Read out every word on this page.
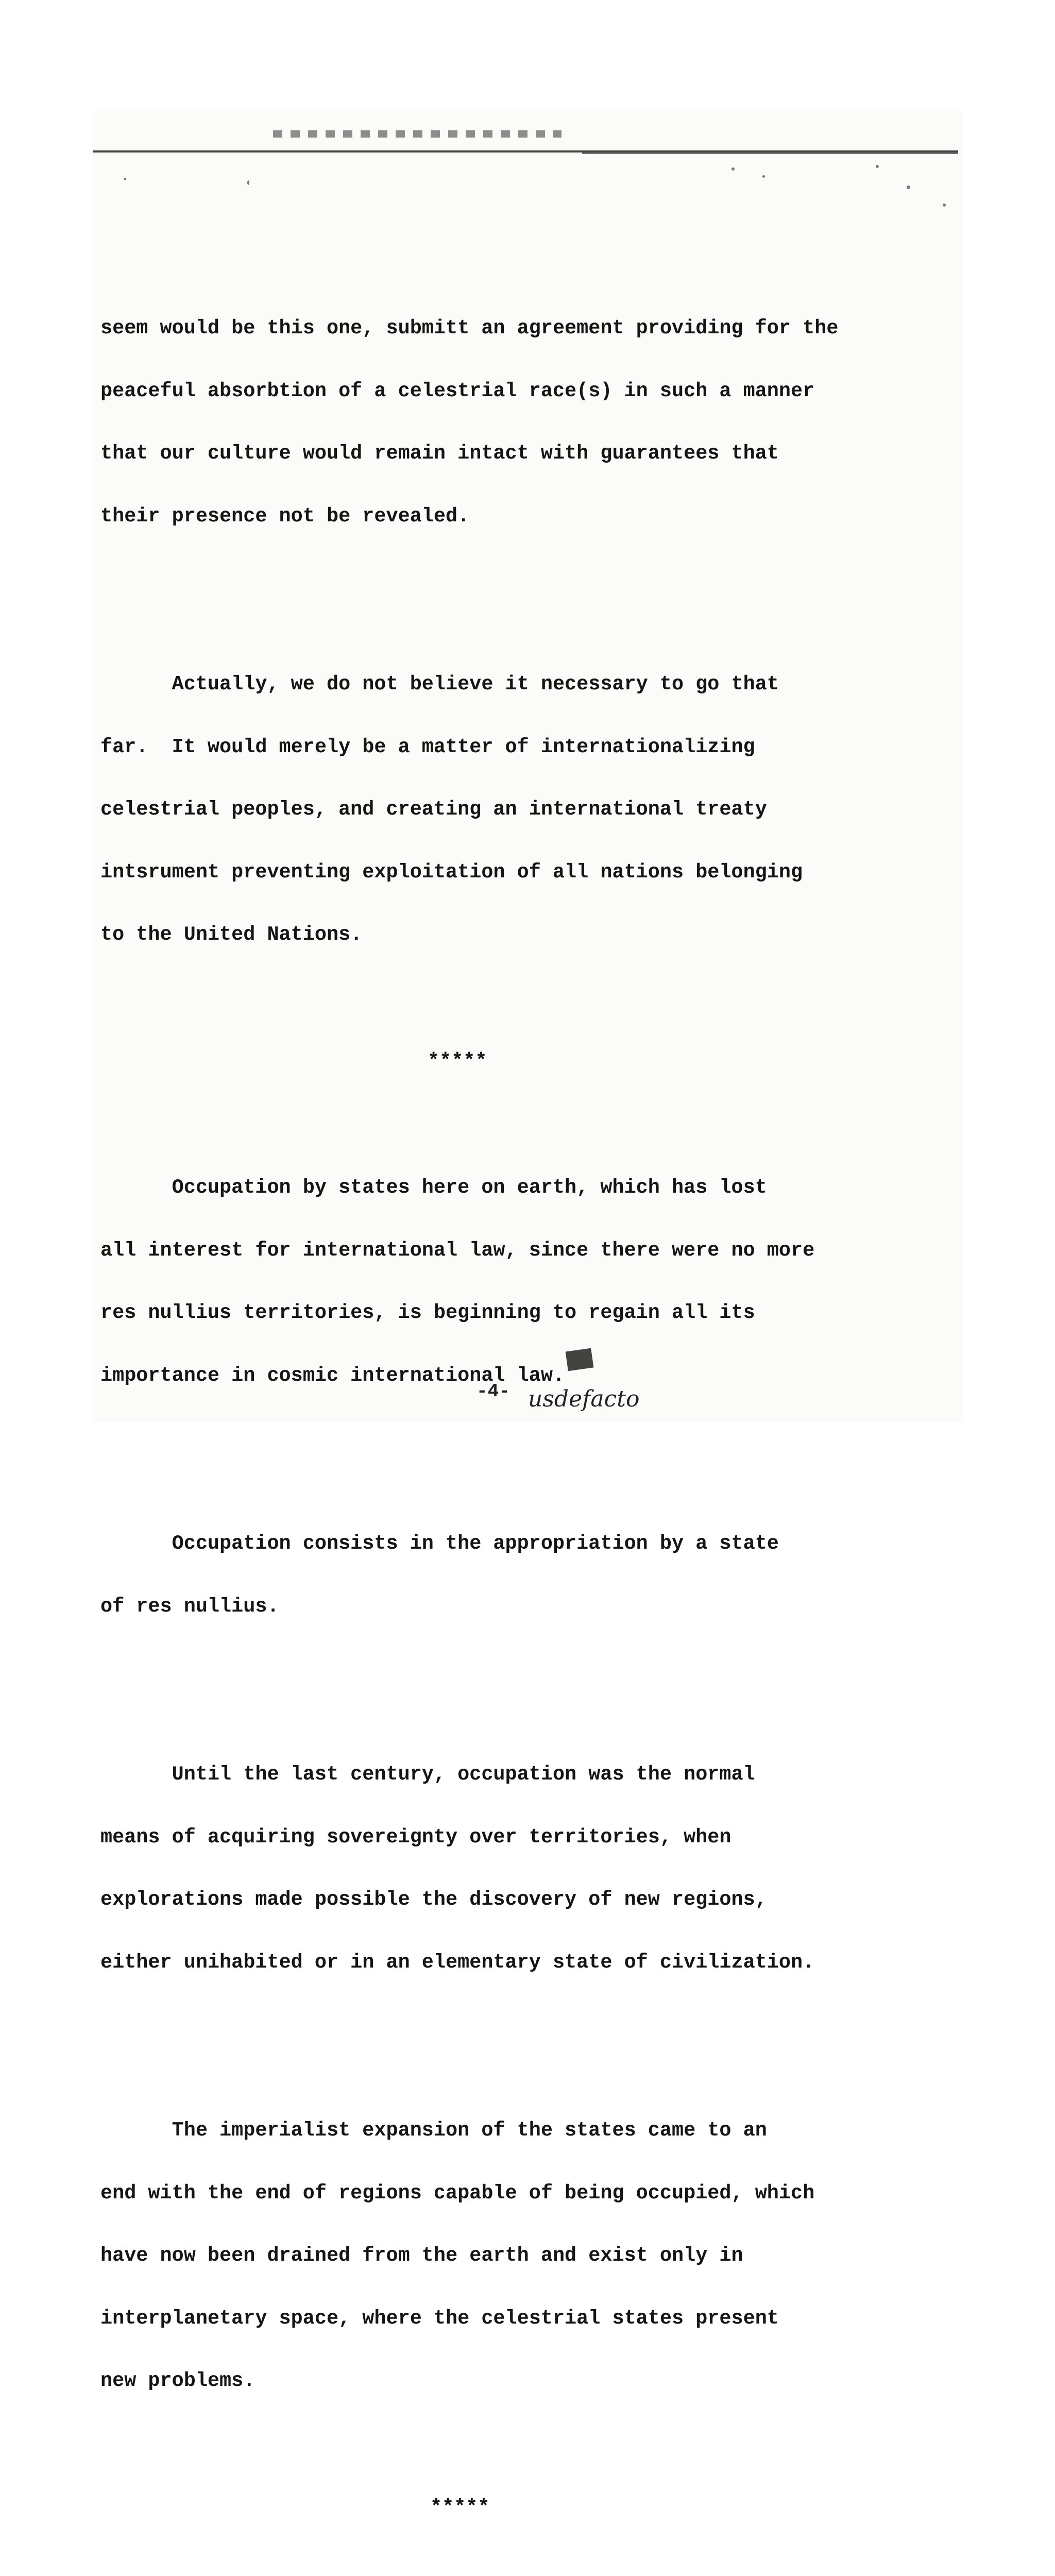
seem would be this one, submitt an agreement providing for the

peaceful absorbtion of a celestrial race(s) in such a manner

that our culture would remain intact with guarantees that

their presence not be revealed.

Actually, we do not believe it necessary to go that

far.  It would merely be a matter of internationalizing

celestrial peoples, and creating an international treaty

intsrument preventing exploitation of all nations belonging

to the United Nations.

*****

Occupation by states here on earth, which has lost

all interest for international law, since there were no more

res nullius territories, is beginning to regain all its

importance in cosmic international law.

Occupation consists in the appropriation by a state

of res nullius.

Until the last century, occupation was the normal

means of acquiring sovereignty over territories, when

explorations made possible the discovery of new regions,

either unihabited or in an elementary state of civilization.

The imperialist expansion of the states came to an

end with the end of regions capable of being occupied, which

have now been drained from the earth and exist only in

interplanetary space, where the celestrial states present

new problems.

*****

-4- usdefacto
